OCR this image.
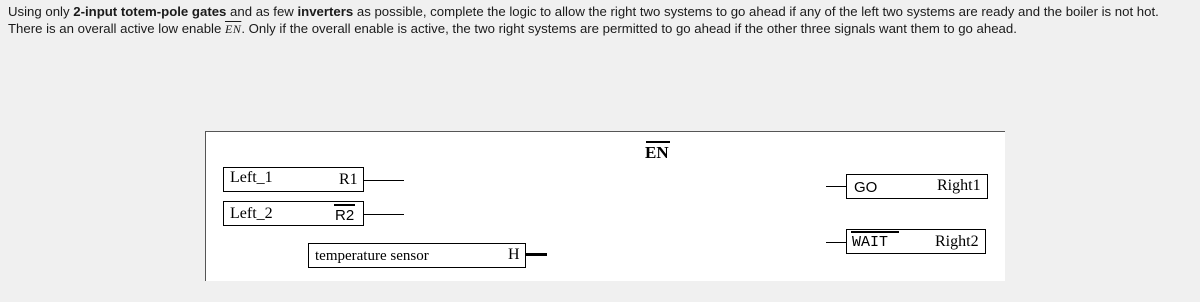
Using only 2-input totem-pole gates and as few inverters as possible, complete the logic to allow the right two systems to go ahead if any of the left two systems are ready and the boiler is not hot. There is an overall active low enable $\overline{EN}$. Only if the overall enable is active, the two right systems are permitted to go ahead if the other three signals want them to go ahead.
EN
Left_1	R1
Left_2	R2
temperature sensor	H
GO	Right1
WAIT	Right2
